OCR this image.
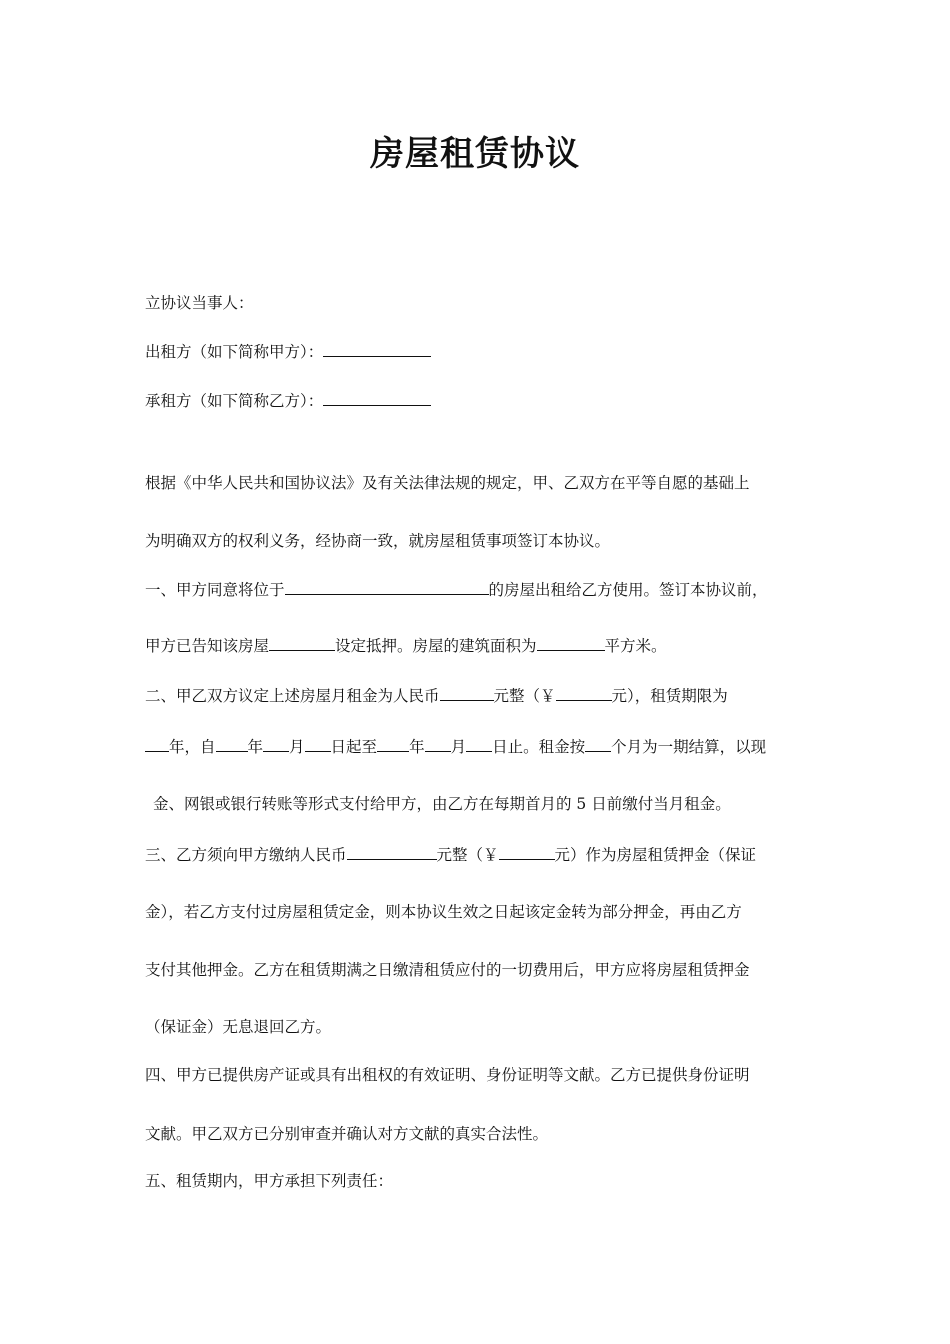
房屋租赁协议
立协议当事人：
出租方（如下简称甲方）：
承租方（如下简称乙方）：
根据《中华人民共和国协议法》及有关法律法规的规定，甲、乙双方在平等自愿的基础上
为明确双方的权利义务，经协商一致，就房屋租赁事项签订本协议。
一、甲方同意将位于	的房屋出租给乙方使用。签订本协议前，
甲方已告知该房屋	设定抵押。房屋的建筑面积为	平方米。
二、甲乙双方议定上述房屋月租金为人民币	元整（￥	元），租赁期限为
年，自 年 月 日起至 年 月 日止。租金按 个月为一期结算，以现
金、网银或银行转账等形式支付给甲方，由乙方在每期首月的 5 日前缴付当月租金。
三、乙方须向甲方缴纳人民币	元整（￥	元）作为房屋租赁押金（保证
金），若乙方支付过房屋租赁定金，则本协议生效之日起该定金转为部分押金，再由乙方
支付其他押金。乙方在租赁期满之日缴清租赁应付的一切费用后，甲方应将房屋租赁押金
（保证金）无息退回乙方。
四、甲方已提供房产证或具有出租权的有效证明、身份证明等文献。乙方已提供身份证明
文献。甲乙双方已分别审查并确认对方文献的真实合法性。
五、租赁期内，甲方承担下列责任：
